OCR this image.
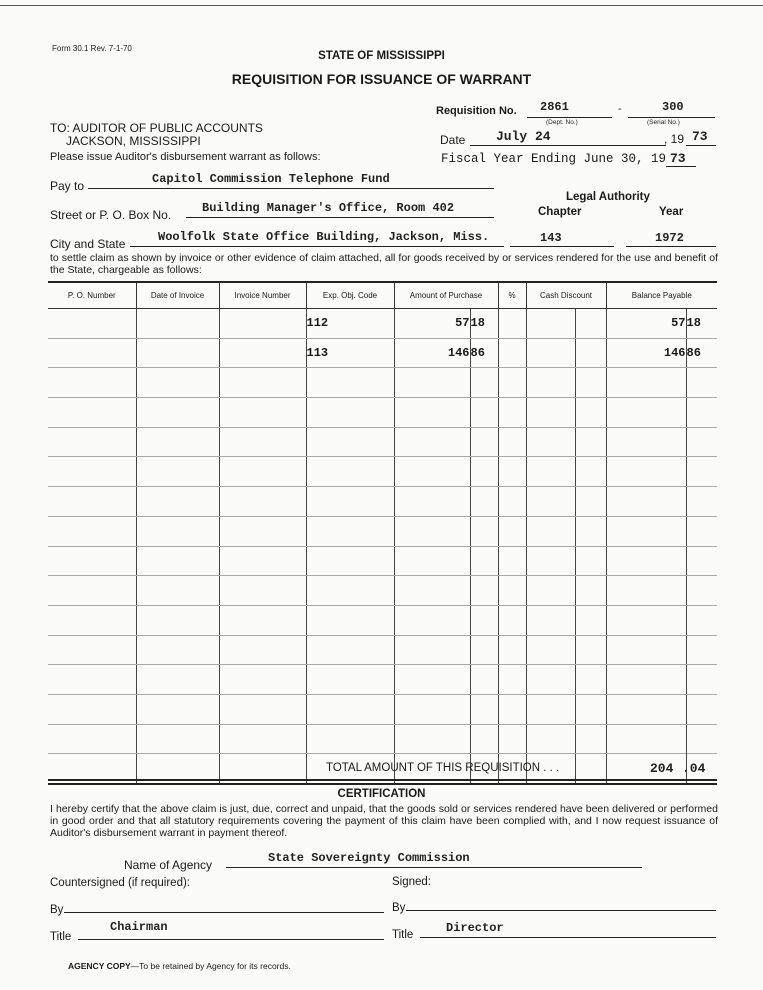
Form 30.1 Rev. 7-1-70
STATE OF MISSISSIPPI
REQUISITION FOR ISSUANCE OF WARRANT
Requisition No. 2861	-	300
(Dept. No.)	(Serial No.)
TO: AUDITOR OF PUBLIC ACCOUNTS
JACKSON, MISSISSIPPI
Please issue Auditor's disbursement warrant as follows:
Date July 24	, 19 73
Fiscal Year Ending June 30, 19 73
Pay to	Capitol Commission Telephone Fund
Legal Authority
Chapter	Year
Street or P. O. Box No.	Building Manager's Office, Room 402
City and State	Woolfolk State Office Building, Jackson, Miss.	143	1972
to settle claim as shown by invoice or other evidence of claim attached, all for goods received by or services rendered for the use and benefit of the State, chargeable as follows:
P. O. Number	Date of Invoice	Invoice Number	Exp. Obj. Code	Amount of Purchase		%	Cash Discount		Balance Payable	
			112	57	18				57	18
			113	146	86				146	86

TOTAL AMOUNT OF THIS REQUISITION . . .	204 .04
CERTIFICATION
I hereby certify that the above claim is just, due, correct and unpaid, that the goods sold or services rendered have been delivered or performed in good order and that all statutory requirements covering the payment of this claim have been complied with, and I now request issuance of Auditor's disbursement warrant in payment thereof.
Name of Agency	State Sovereignty Commission
Countersigned (if required):	Signed:
By	By
Title
Chairman
Title	Director
AGENCY COPY—To be retained by Agency for its records.
